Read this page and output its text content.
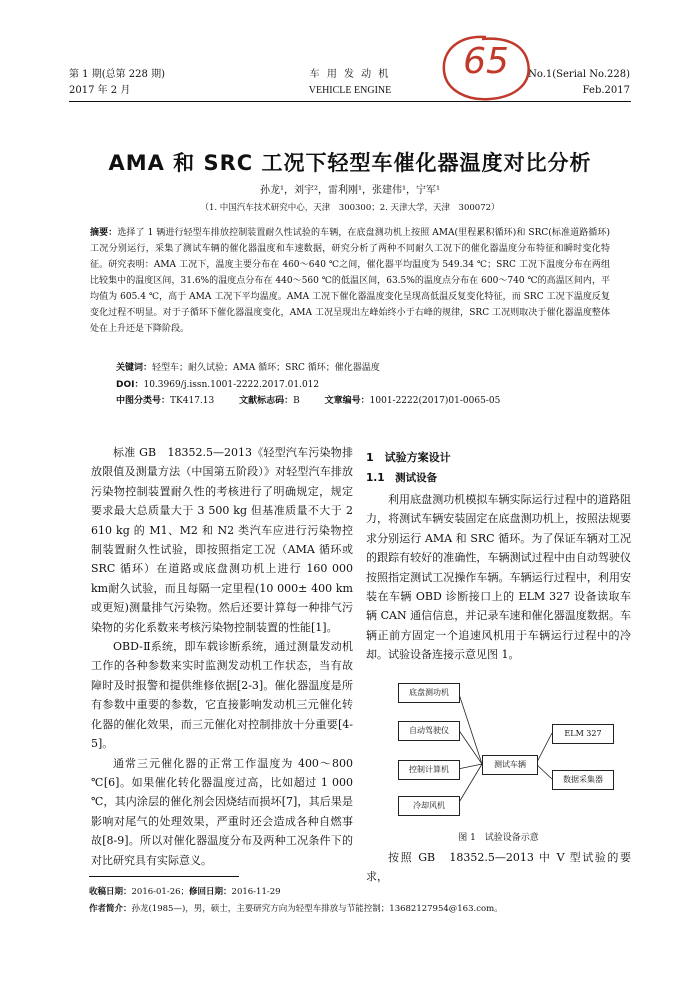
第 1 期(总第 228 期)
2017 年 2 月
车 用 发 动 机
VEHICLE ENGINE
No.1(Serial No.228)
Feb.2017
65
AMA 和 SRC 工况下轻型车催化器温度对比分析
孙龙¹，刘宇²，雷利刚¹，张建伟¹，宁军¹
（1. 中国汽车技术研究中心，天津　300300；2. 天津大学，天津　300072）
摘要：选择了 1 辆进行轻型车排放控制装置耐久性试验的车辆，在底盘测功机上按照 AMA(里程累积循环)和 SRC(标准道路循环)工况分别运行，采集了测试车辆的催化器温度和车速数据，研究分析了两种不同耐久工况下的催化器温度分布特征和瞬时变化特征。研究表明：AMA 工况下，温度主要分布在 460～640 ℃之间，催化器平均温度为 549.34 ℃；SRC 工况下温度分布在两组比较集中的温度区间，31.6%的温度点分布在 440～560 ℃的低温区间，63.5%的温度点分布在 600～740 ℃的高温区间内，平均值为 605.4 ℃，高于 AMA 工况下平均温度。AMA 工况下催化器温度变化呈现高低温反复变化特征，而 SRC 工况下温度反复变化过程不明显。对于子循环下催化器温度变化，AMA 工况呈现出左峰始终小于右峰的规律，SRC 工况则取决于催化器温度整体处在上升还是下降阶段。
关键词：轻型车；耐久试验；AMA 循环；SRC 循环；催化器温度
DOI：10.3969/j.issn.1001-2222.2017.01.012
中图分类号：TK417.13	文献标志码：B	文章编号：1001-2222(2017)01-0065-05

标准 GB　18352.5—2013《轻型汽车污染物排放限值及测量方法（中国第五阶段）》对轻型汽车排放污染物控制装置耐久性的考核进行了明确规定，规定要求最大总质量大于 3 500 kg 但基准质量不大于 2 610 kg 的 M1、M2 和 N2 类汽车应进行污染物控制装置耐久性试验，即按照指定工况（AMA 循环或 SRC 循环）在道路或底盘测功机上进行 160 000 km耐久试验，而且每隔一定里程(10 000± 400 km 或更短)测量排气污染物。然后还要计算每一种排气污染物的劣化系数来考核污染物控制装置的性能[1]。

OBD-Ⅱ系统，即车载诊断系统，通过测量发动机工作的各种参数来实时监测发动机工作状态，当有故障时及时报警和提供维修依据[2-3]。催化器温度是所有参数中重要的参数，它直接影响发动机三元催化转化器的催化效果，而三元催化对控制排放十分重要[4-5]。

通常三元催化器的正常工作温度为 400～800 ℃[6]。如果催化转化器温度过高，比如超过 1 000 ℃，其内涂层的催化剂会因烧结而损坏[7]，其后果是影响对尾气的处理效果，严重时还会造成各种自燃事故[8-9]。所以对催化器温度分布及两种工况条件下的对比研究具有实际意义。

1　试验方案设计
1.1　测试设备

利用底盘测功机模拟车辆实际运行过程中的道路阻力，将测试车辆安装固定在底盘测功机上，按照法规要求分别运行 AMA 和 SRC 循环。为了保证车辆对工况的跟踪有较好的准确性，车辆测试过程中由自动驾驶仪按照指定测试工况操作车辆。车辆运行过程中，利用安装在车辆 OBD 诊断接口上的 ELM 327 设备读取车辆 CAN 通信信息，并记录车速和催化器温度数据。车辆正前方固定一个追速风机用于车辆运行过程中的冷却。试验设备连接示意见图 1。

底盘测功机
自动驾驶仪
控制计算机
冷却风机
测试车辆
ELM 327
数据采集器
图 1　试验设备示意
按照 GB　18352.5—2013 中 V 型试验的要求，
收稿日期：2016-01-26；修回日期：2016-11-29
作者简介：孙龙(1985—)，男，硕士，主要研究方向为轻型车排放与节能控制；13682127954@163.com。
